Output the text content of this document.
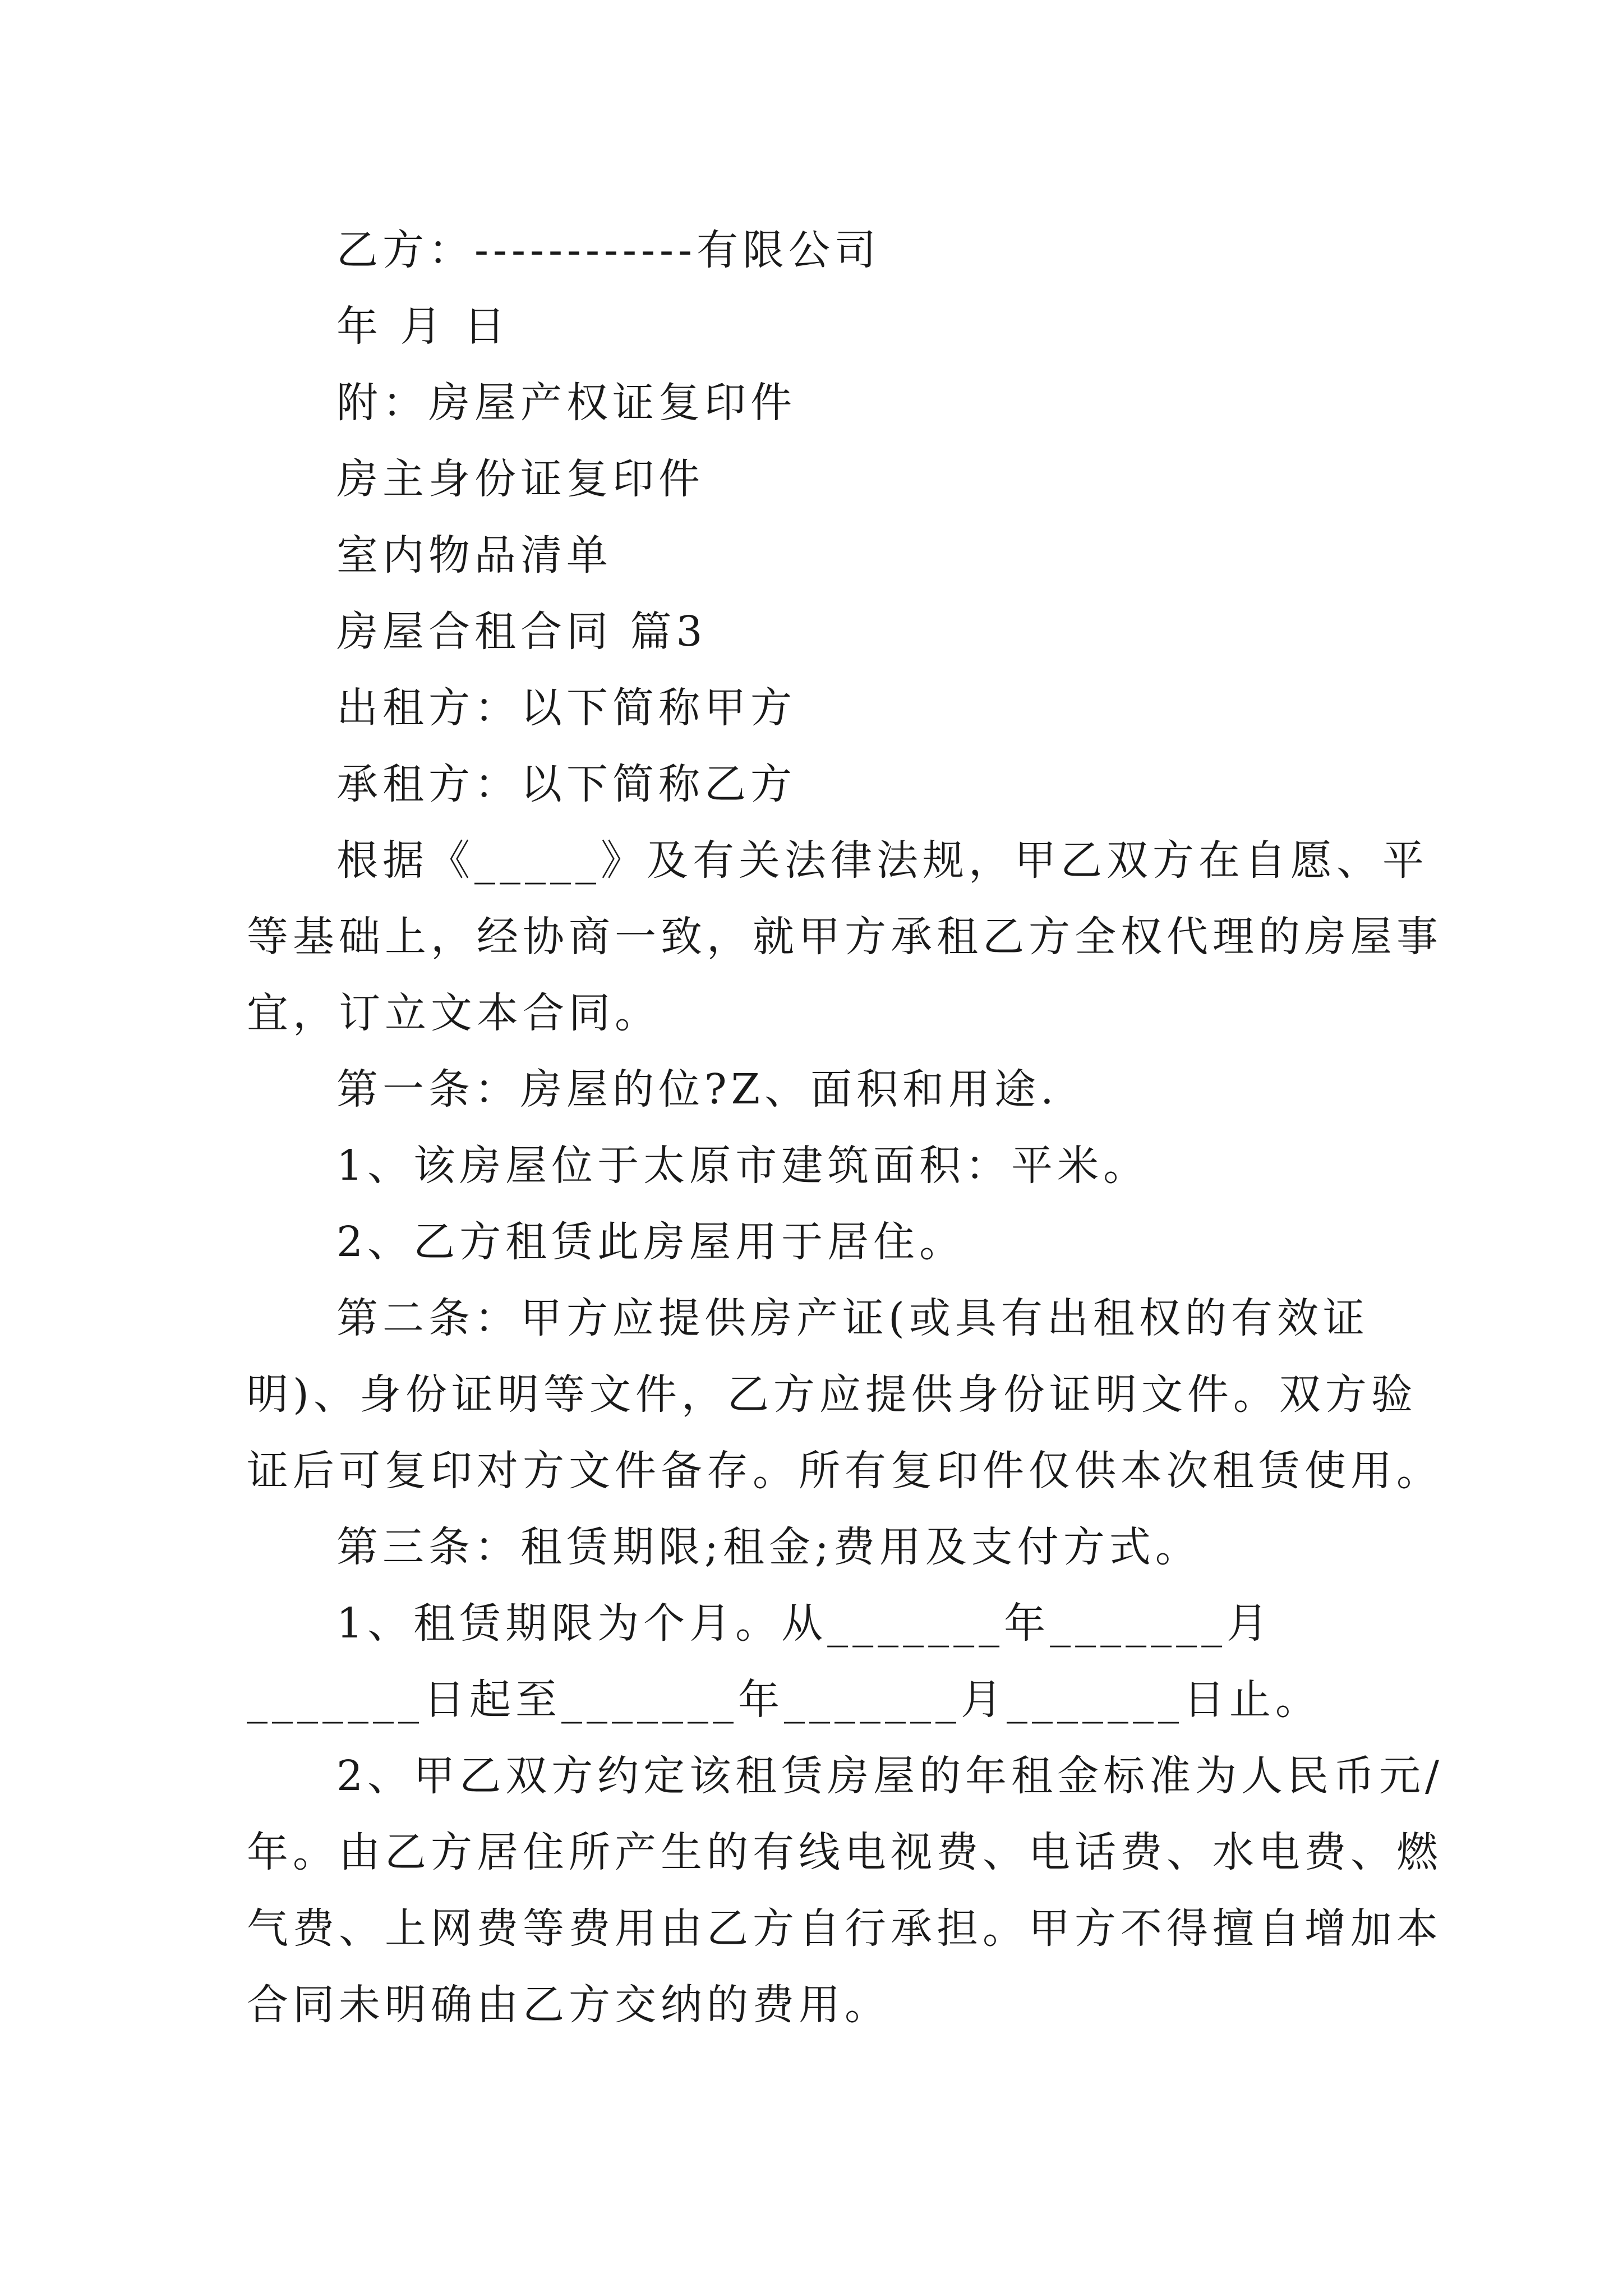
乙方：------------有限公司

年 月 日

附：房屋产权证复印件

房主身份证复印件

室内物品清单

房屋合租合同 篇3

出租方：以下简称甲方

承租方：以下简称乙方

根据《_____》及有关法律法规，甲乙双方在自愿、平等基础上，经协商一致，就甲方承租乙方全权代理的房屋事宜，订立文本合同。

第一条：房屋的位?Z、面积和用途.

1、该房屋位于太原市建筑面积：平米。

2、乙方租赁此房屋用于居住。

第二条：甲方应提供房产证(或具有出租权的有效证明)、身份证明等文件，乙方应提供身份证明文件。双方验证后可复印对方文件备存。所有复印件仅供本次租赁使用。

第三条：租赁期限;租金;费用及支付方式。

1、租赁期限为个月。从_______年_______月_______日起至_______年_______月_______日止。

2、甲乙双方约定该租赁房屋的年租金标准为人民币元/年。由乙方居住所产生的有线电视费、电话费、水电费、燃气费、上网费等费用由乙方自行承担。甲方不得擅自增加本合同未明确由乙方交纳的费用。
